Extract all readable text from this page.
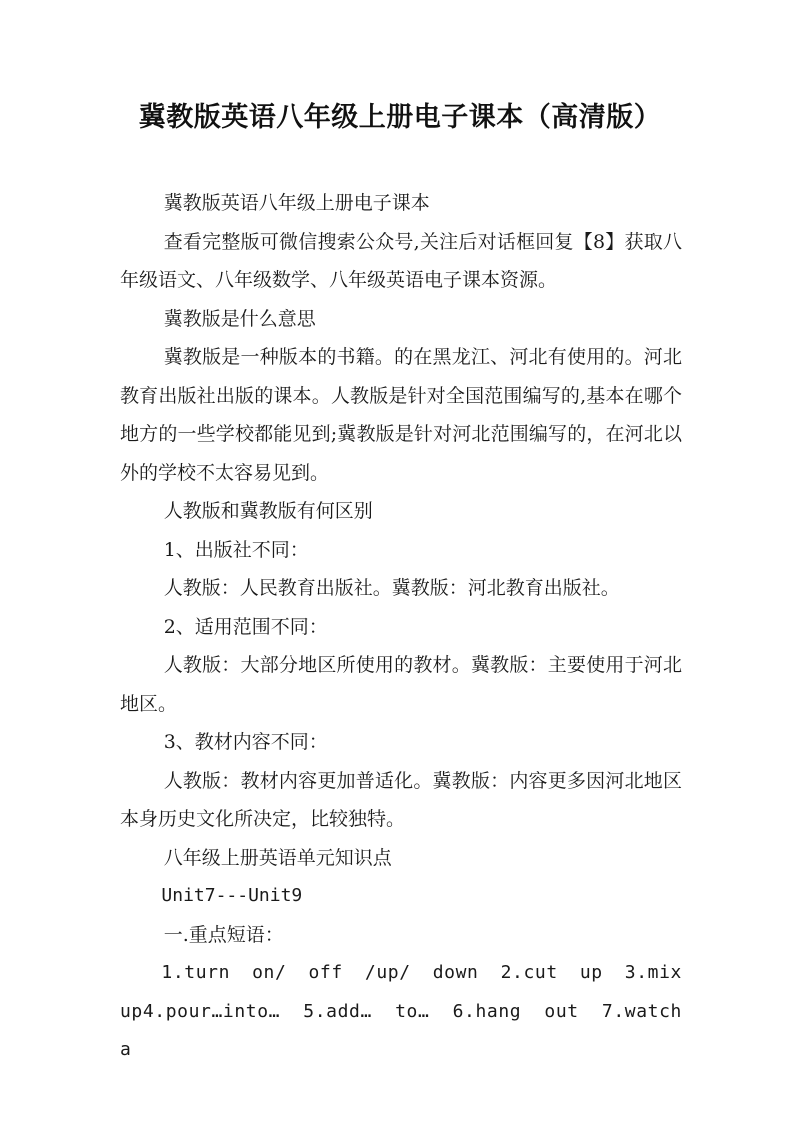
冀教版英语八年级上册电子课本（高清版）

冀教版英语八年级上册电子课本

查看完整版可微信搜索公众号,关注后对话框回复【8】获取八年级语文、八年级数学、八年级英语电子课本资源。

冀教版是什么意思

冀教版是一种版本的书籍。的在黑龙江、河北有使用的。河北教育出版社出版的课本。人教版是针对全国范围编写的,基本在哪个地方的一些学校都能见到;冀教版是针对河北范围编写的，在河北以外的学校不太容易见到。

人教版和冀教版有何区别

1、出版社不同：

人教版：人民教育出版社。冀教版：河北教育出版社。

2、适用范围不同：

人教版：大部分地区所使用的教材。冀教版：主要使用于河北地区。

3、教材内容不同：

人教版：教材内容更加普适化。冀教版：内容更多因河北地区本身历史文化所决定，比较独特。

八年级上册英语单元知识点

Unit7---Unit9

一.重点短语：

1.turn on/ off /up/ down 2.cut up 3.mix up4.pour…into… 5.add… to… 6.hang out 7.watch a
